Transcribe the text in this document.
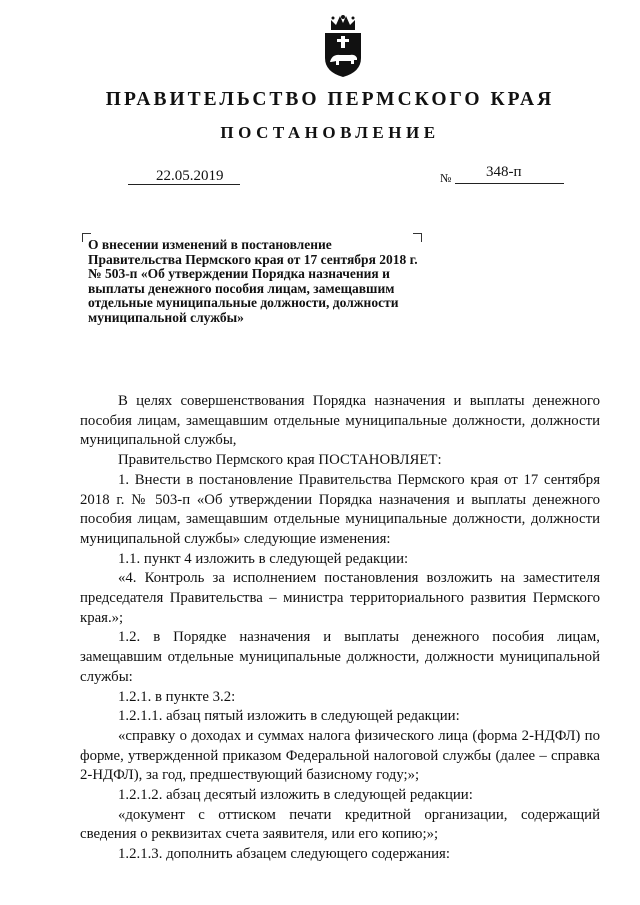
ПРАВИТЕЛЬСТВО ПЕРМСКОГО КРАЯ
ПОСТАНОВЛЕНИЕ
22.05.2019	№ 348-п
О внесении изменений в постановление Правительства Пермского края от 17 сентября 2018 г. № 503-п «Об утверждении Порядка назначения и выплаты денежного пособия лицам, замещавшим отдельные муниципальные должности, должности муниципальной службы»

В целях совершенствования Порядка назначения и выплаты денежного пособия лицам, замещавшим отдельные муниципальные должности, должности муниципальной службы,

Правительство Пермского края ПОСТАНОВЛЯЕТ:

1. Внести в постановление Правительства Пермского края от 17 сентября 2018 г. № 503-п «Об утверждении Порядка назначения и выплаты денежного пособия лицам, замещавшим отдельные муниципальные должности, должности муниципальной службы» следующие изменения:

1.1. пункт 4 изложить в следующей редакции:

«4. Контроль за исполнением постановления возложить на заместителя председателя Правительства – министра территориального развития Пермского края.»;

1.2. в Порядке назначения и выплаты денежного пособия лицам, замещавшим отдельные муниципальные должности, должности муниципальной службы:

1.2.1. в пункте 3.2:

1.2.1.1. абзац пятый изложить в следующей редакции:

«справку о доходах и суммах налога физического лица (форма 2-НДФЛ) по форме, утвержденной приказом Федеральной налоговой службы (далее – справка 2-НДФЛ), за год, предшествующий базисному году;»;

1.2.1.2. абзац десятый изложить в следующей редакции:

«документ с оттиском печати кредитной организации, содержащий сведения о реквизитах счета заявителя, или его копию;»;

1.2.1.3. дополнить абзацем следующего содержания:
